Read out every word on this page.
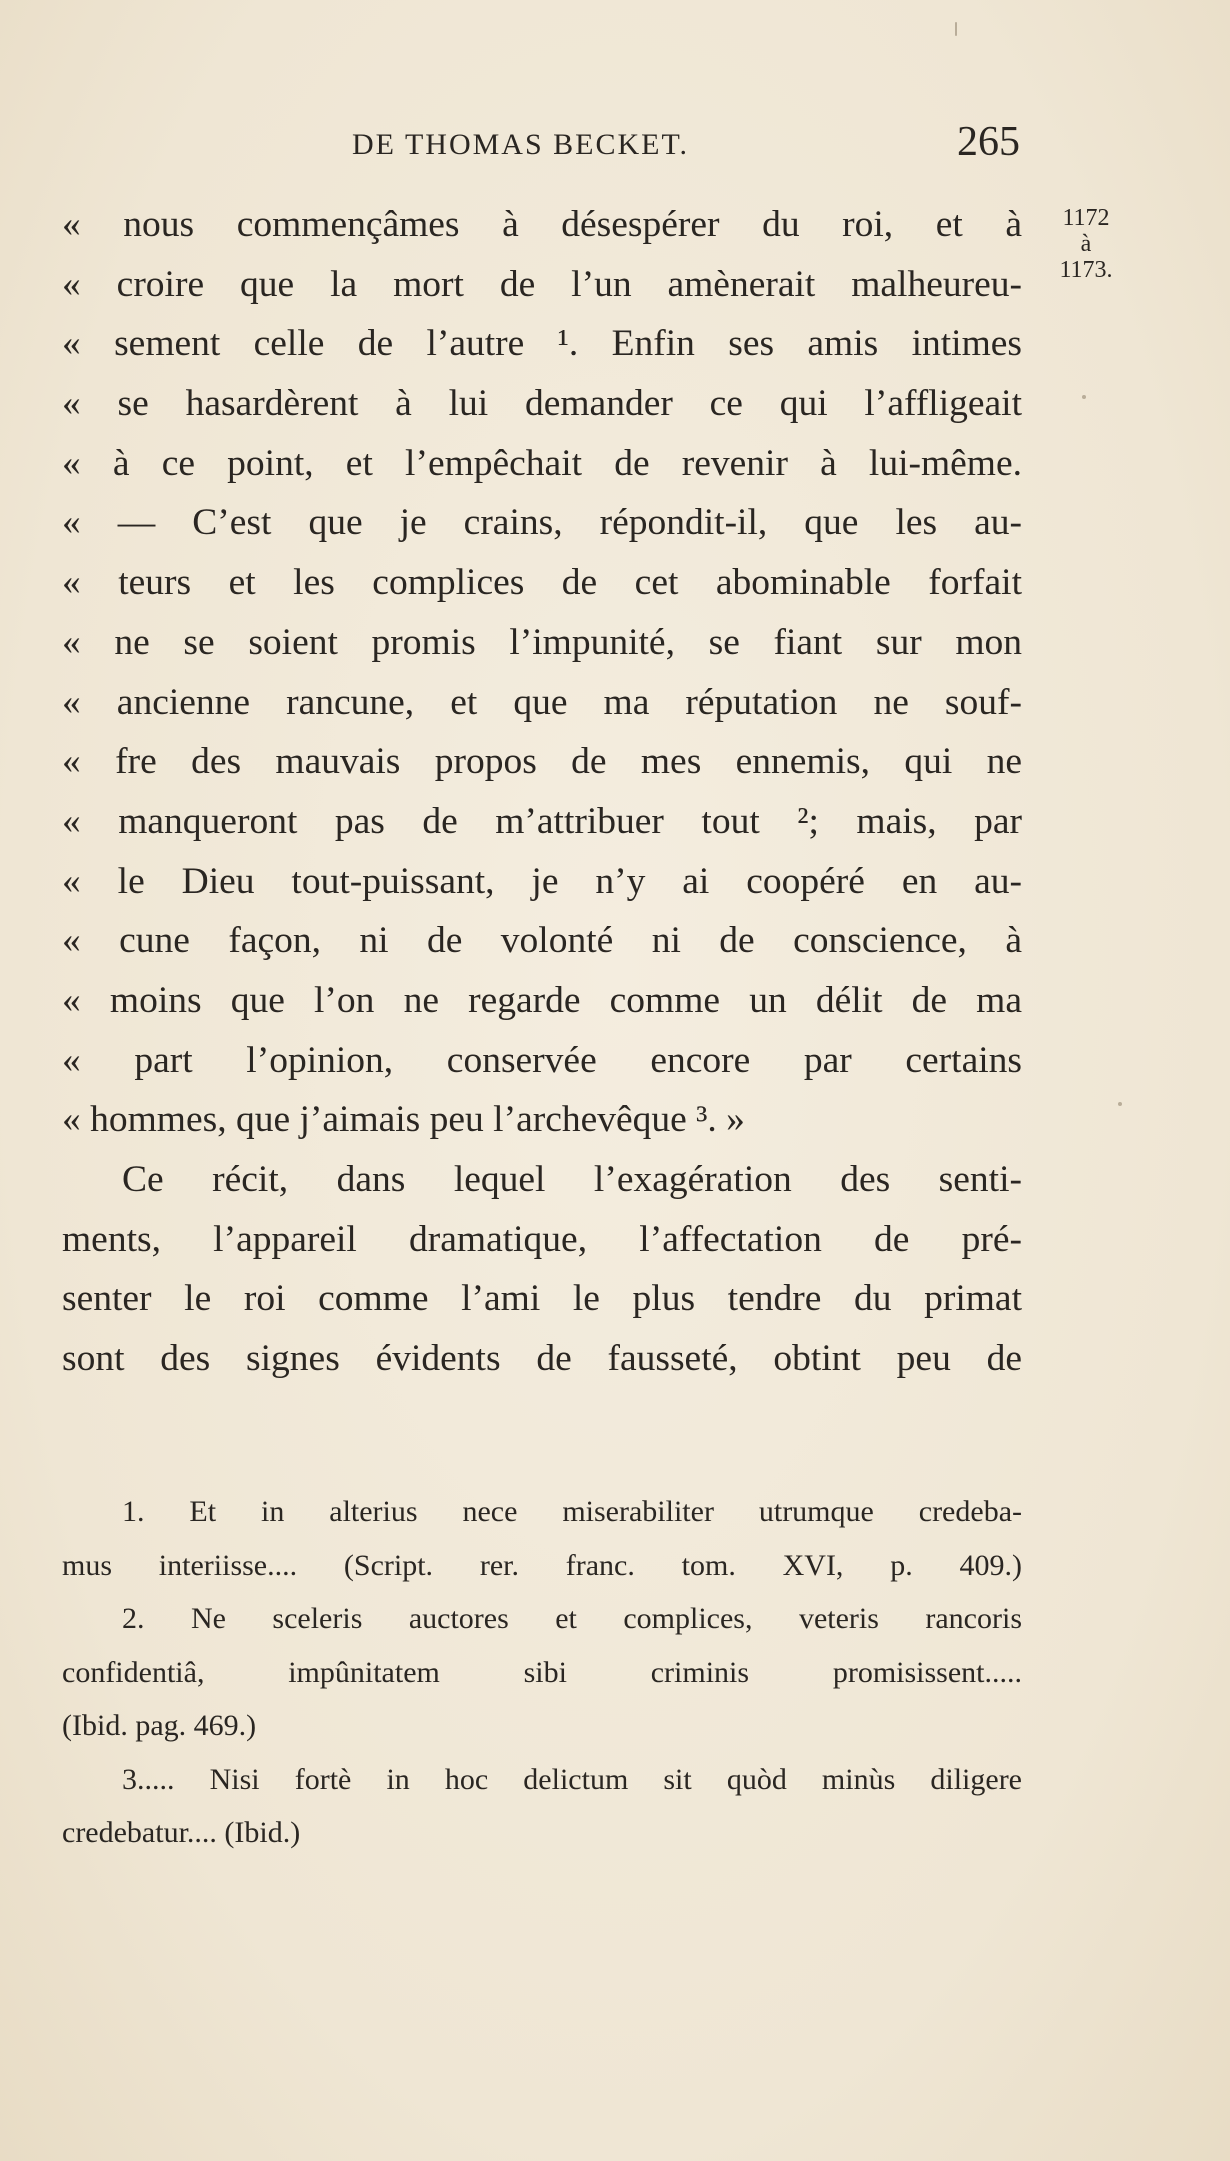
DE THOMAS BECKET.	265
1172
à
1173.
« nous commençâmes à désespérer du roi, et à
« croire que la mort de l’un amènerait malheureu-
« sement celle de l’autre ¹. Enfin ses amis intimes
« se hasardèrent à lui demander ce qui l’affligeait
« à ce point, et l’empêchait de revenir à lui-même.
« — C’est que je crains, répondit-il, que les au-
« teurs et les complices de cet abominable forfait
« ne se soient promis l’impunité, se fiant sur mon
« ancienne rancune, et que ma réputation ne souf-
« fre des mauvais propos de mes ennemis, qui ne
« manqueront pas de m’attribuer tout ²; mais, par
« le Dieu tout-puissant, je n’y ai coopéré en au-
« cune façon, ni de volonté ni de conscience, à
« moins que l’on ne regarde comme un délit de ma
« part l’opinion, conservée encore par certains
« hommes, que j’aimais peu l’archevêque ³. »
Ce récit, dans lequel l’exagération des senti-
ments, l’appareil dramatique, l’affectation de pré-
senter le roi comme l’ami le plus tendre du primat
sont des signes évidents de fausseté, obtint peu de
1. Et in alterius nece miserabiliter utrumque credeba-
mus interiisse.... (Script. rer. franc. tom. XVI, p. 409.)
2. Ne sceleris auctores et complices, veteris rancoris
confidentiâ, impûnitatem sibi criminis promisissent.....
(Ibid. pag. 469.)
3..... Nisi fortè in hoc delictum sit quòd minùs diligere
credebatur.... (Ibid.)
